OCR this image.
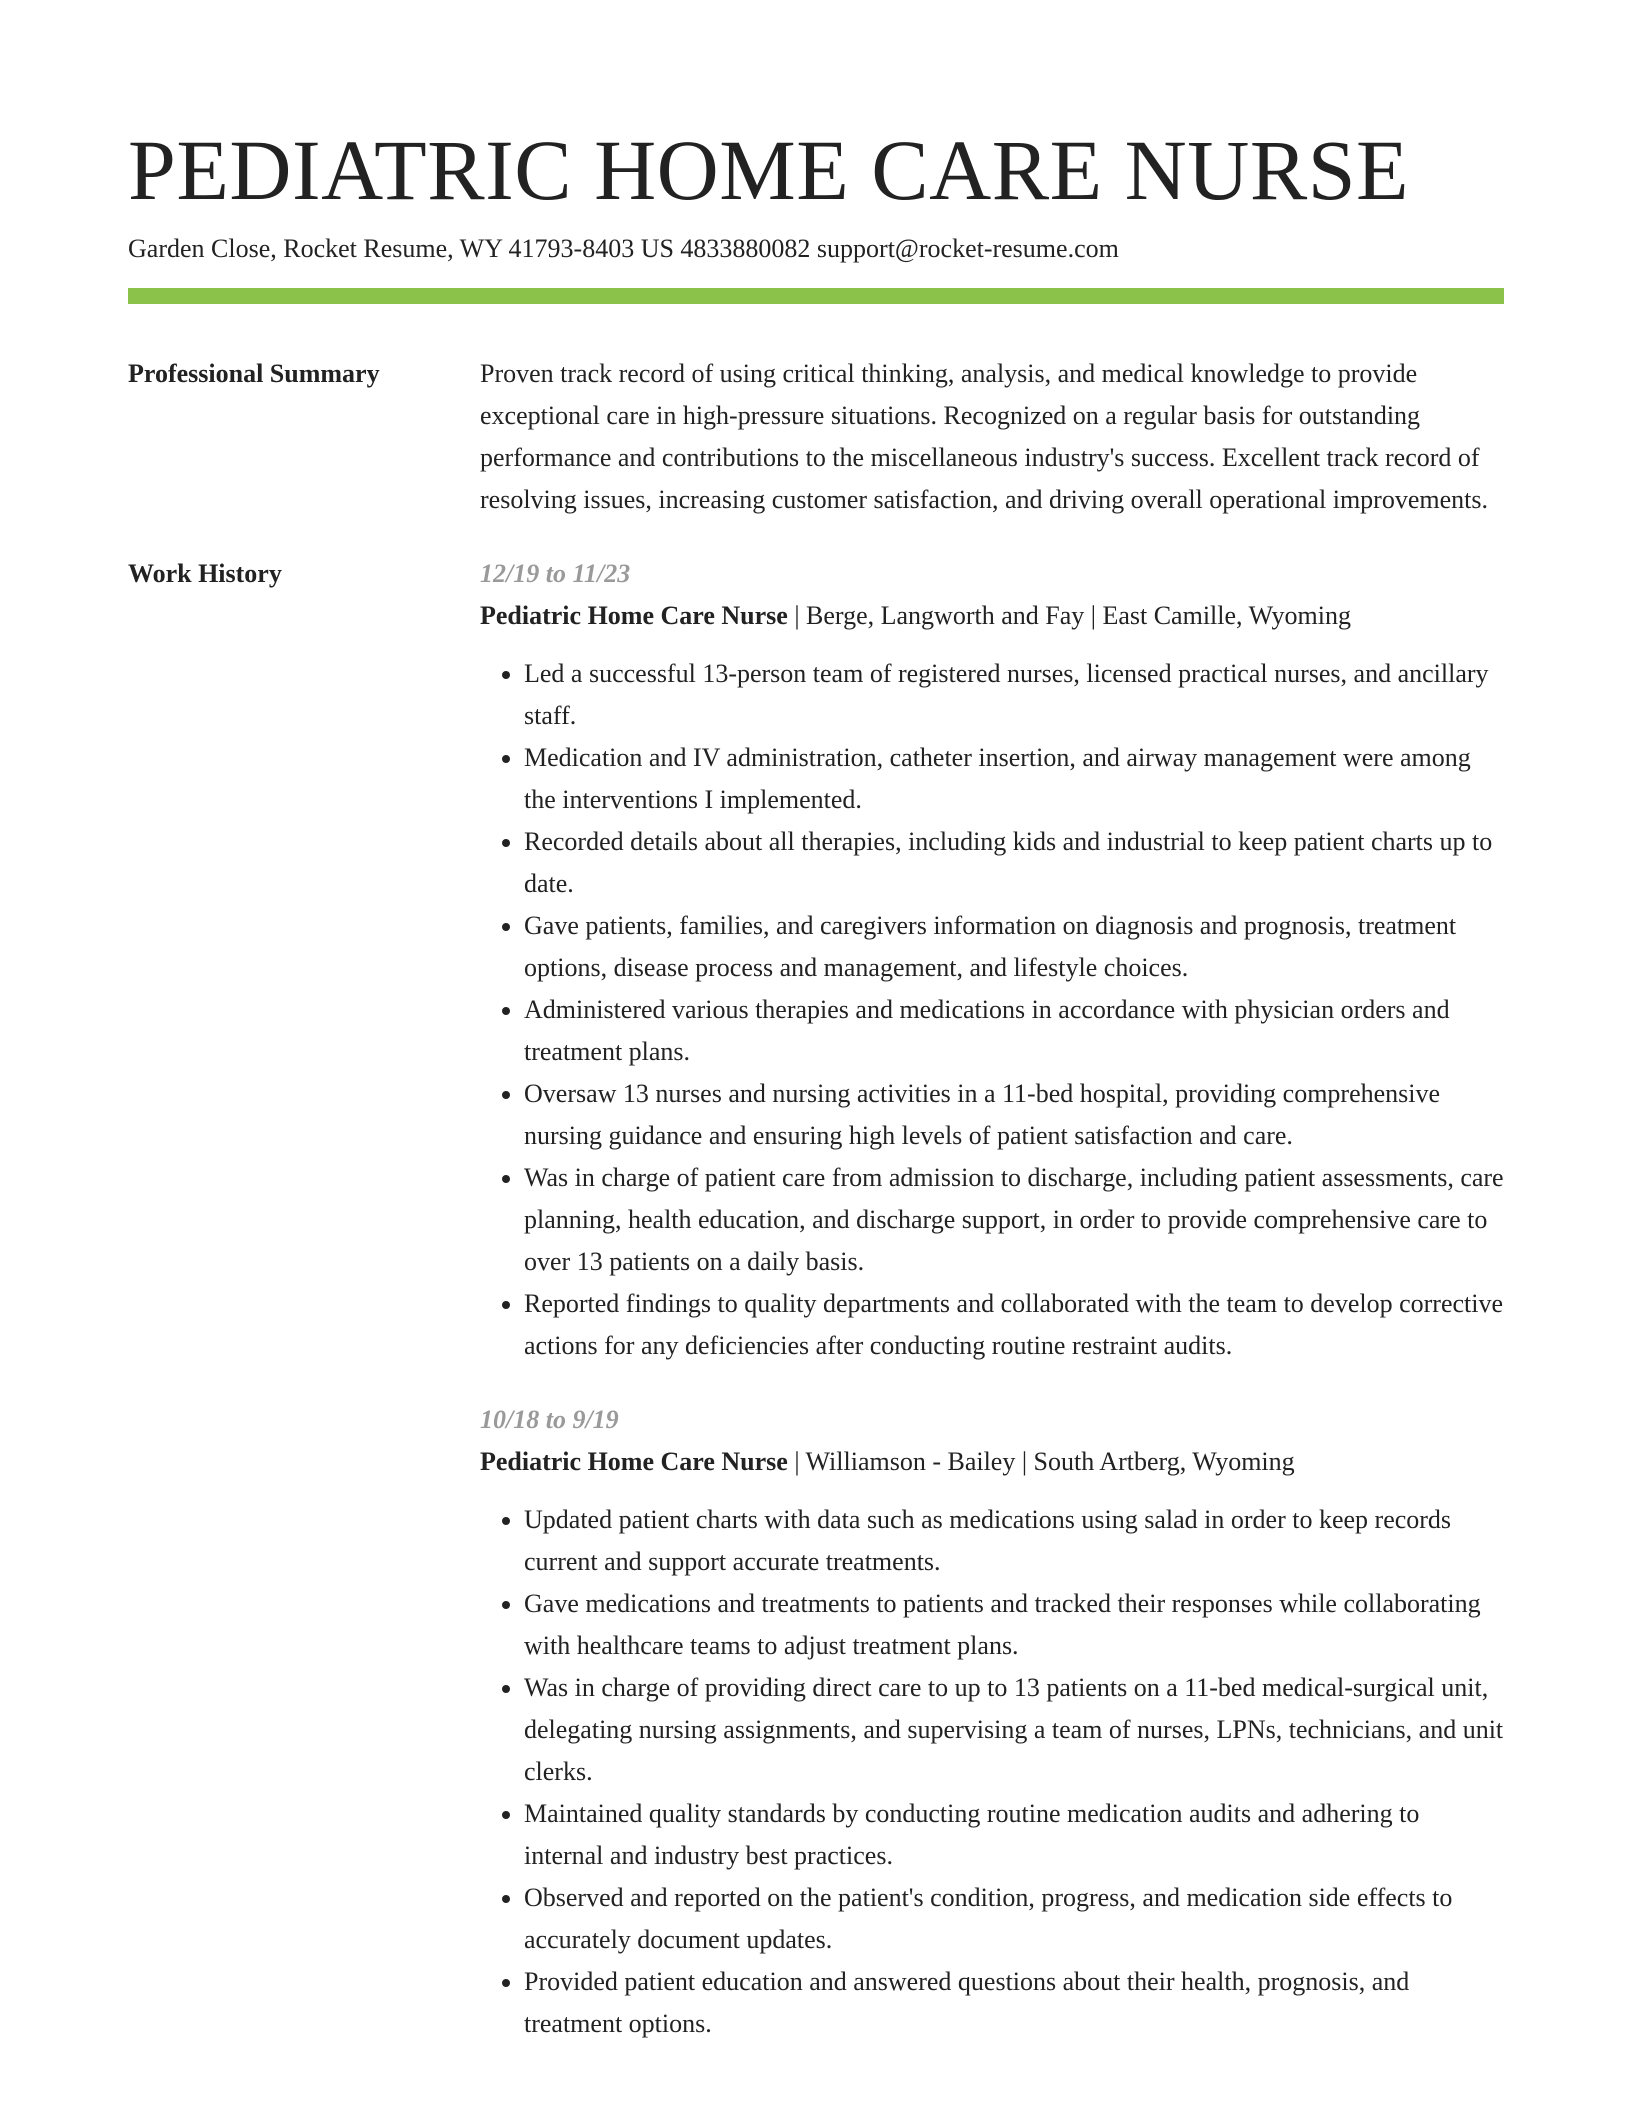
PEDIATRIC HOME CARE NURSE
Garden Close, Rocket Resume, WY 41793-8403 US 4833880082 support@rocket-resume.com
Professional Summary	Proven track record of using critical thinking, analysis, and medical knowledge to provide exceptional care in high-pressure situations. Recognized on a regular basis for outstanding performance and contributions to the miscellaneous industry's success. Excellent track record of resolving issues, increasing customer satisfaction, and driving overall operational improvements.

Work History	12/19 to 11/23
Pediatric Home Care Nurse | Berge, Langworth and Fay | East Camille, Wyoming
• Led a successful 13-person team of registered nurses, licensed practical nurses, and ancillary staff.
• Medication and IV administration, catheter insertion, and airway management were among the interventions I implemented.
• Recorded details about all therapies, including kids and industrial to keep patient charts up to date.
• Gave patients, families, and caregivers information on diagnosis and prognosis, treatment options, disease process and management, and lifestyle choices.
• Administered various therapies and medications in accordance with physician orders and treatment plans.
• Oversaw 13 nurses and nursing activities in a 11-bed hospital, providing comprehensive nursing guidance and ensuring high levels of patient satisfaction and care.
• Was in charge of patient care from admission to discharge, including patient assessments, care planning, health education, and discharge support, in order to provide comprehensive care to over 13 patients on a daily basis.
• Reported findings to quality departments and collaborated with the team to develop corrective actions for any deficiencies after conducting routine restraint audits.
10/18 to 9/19
Pediatric Home Care Nurse | Williamson - Bailey | South Artberg, Wyoming
• Updated patient charts with data such as medications using salad in order to keep records current and support accurate treatments.
• Gave medications and treatments to patients and tracked their responses while collaborating with healthcare teams to adjust treatment plans.
• Was in charge of providing direct care to up to 13 patients on a 11-bed medical-surgical unit, delegating nursing assignments, and supervising a team of nurses, LPNs, technicians, and unit clerks.
• Maintained quality standards by conducting routine medication audits and adhering to internal and industry best practices.
• Observed and reported on the patient's condition, progress, and medication side effects to accurately document updates.
• Provided patient education and answered questions about their health, prognosis, and treatment options.
